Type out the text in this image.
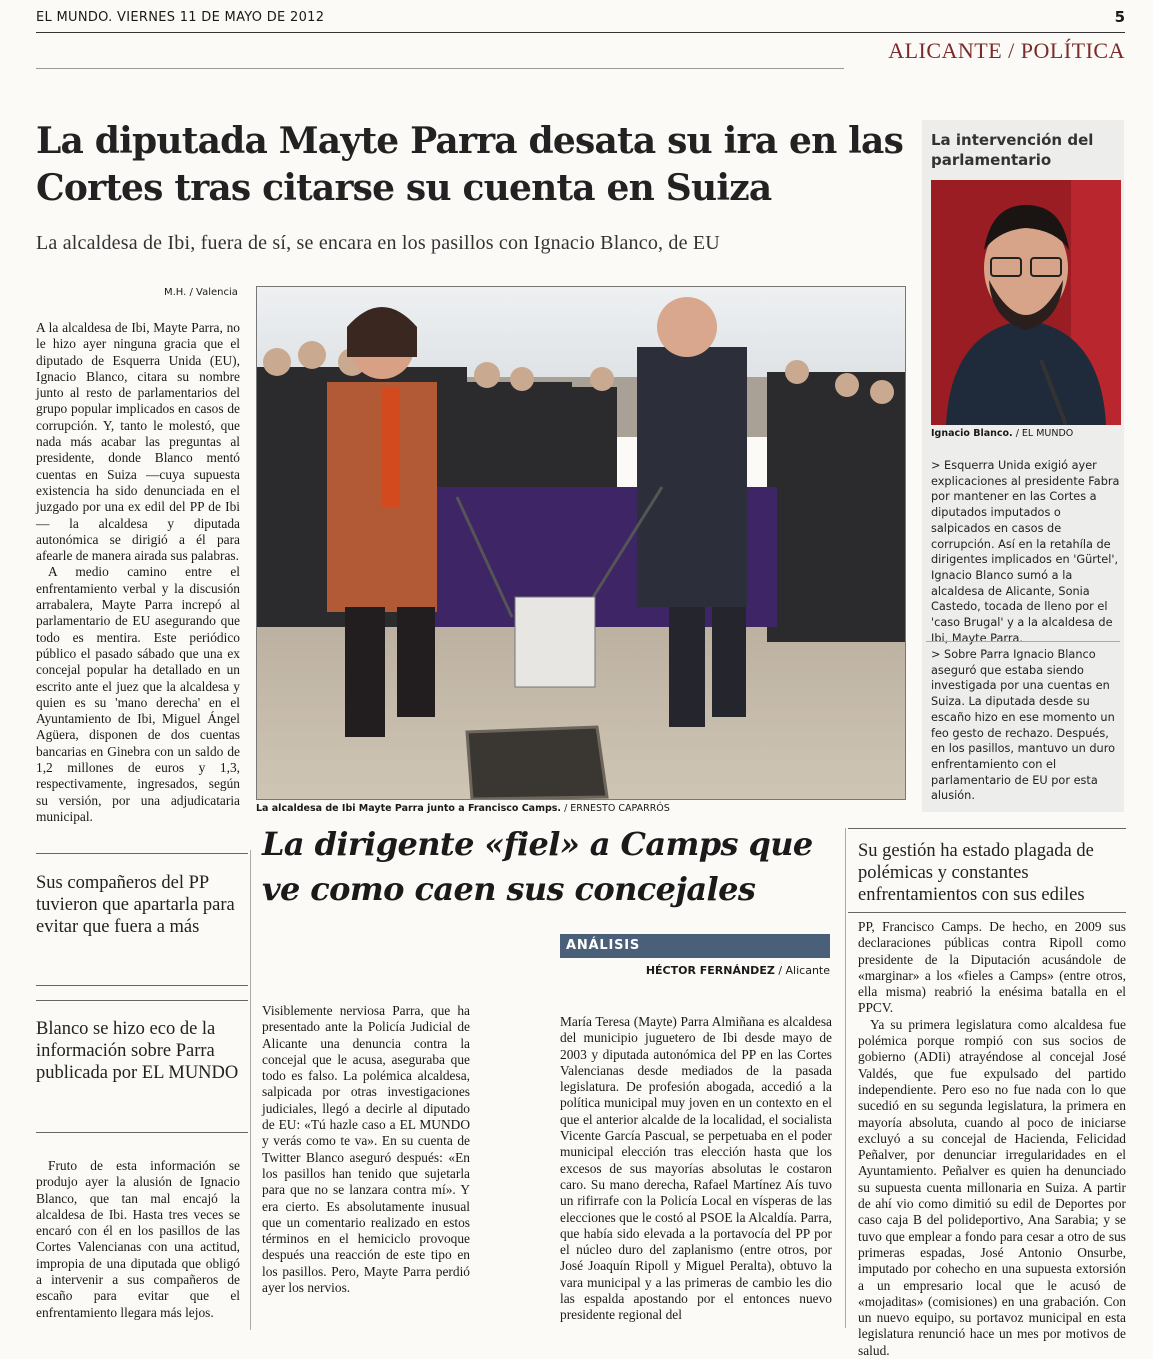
EL MUNDO. VIERNES 11 DE MAYO DE 2012	5
ALICANTE / POLÍTICA
La diputada Mayte Parra desata su ira en las Cortes tras citarse su cuenta en Suiza
La alcaldesa de Ibi, fuera de sí, se encara en los pasillos con Ignacio Blanco, de EU
M.H. / Valencia

A la alcaldesa de Ibi, Mayte Parra, no le hizo ayer ninguna gracia que el diputado de Esquerra Unida (EU), Ignacio Blanco, citara su nombre junto al resto de parlamentarios del grupo popular implicados en casos de corrupción. Y, tanto le molestó, que nada más acabar las preguntas al presidente, donde Blanco mentó cuentas en Suiza —cuya supuesta existencia ha sido denunciada en el juzgado por una ex edil del PP de Ibi— la alcaldesa y diputada autonómica se dirigió a él para afearle de manera airada sus palabras.

A medio camino entre el enfrentamiento verbal y la discusión arrabalera, Mayte Parra increpó al parlamentario de EU asegurando que todo es mentira. Este periódico público el pasado sábado que una ex concejal popular ha detallado en un escrito ante el juez que la alcaldesa y quien es su 'mano derecha' en el Ayuntamiento de Ibi, Miguel Ángel Agüera, disponen de dos cuentas bancarias en Ginebra con un saldo de 1,2 millones de euros y 1,3, respectivamente, ingresados, según su versión, por una adjudicataria municipal.

La alcaldesa de Ibi Mayte Parra junto a Francisco Camps. / ERNESTO CAPARRÓS
La intervención del parlamentario
Ignacio Blanco. / EL MUNDO
> Esquerra Unida exigió ayer explicaciones al presidente Fabra por mantener en las Cortes a diputados imputados o salpicados en casos de corrupción. Así en la retahíla de dirigentes implicados en 'Gürtel', Ignacio Blanco sumó a la alcaldesa de Alicante, Sonia Castedo, tocada de lleno por el 'caso Brugal' y a la alcaldesa de Ibi, Mayte Parra.
> Sobre Parra Ignacio Blanco aseguró que estaba siendo investigada por una cuentas en Suiza. La diputada desde su escaño hizo en ese momento un feo gesto de rechazo. Después, en los pasillos, mantuvo un duro enfrentamiento con el parlamentario de EU por esta alusión.
La dirigente «fiel» a Camps que ve como caen sus concejales
Sus compañeros del PP tuvieron que apartarla para evitar que fuera a más
Blanco se hizo eco de la información sobre Parra publicada por EL MUNDO

Fruto de esta información se produjo ayer la alusión de Ignacio Blanco, que tan mal encajó la alcaldesa de Ibi. Hasta tres veces se encaró con él en los pasillos de las Cortes Valencianas con una actitud, impropia de una diputada que obligó a intervenir a sus compañeros de escaño para evitar que el enfrentamiento llegara más lejos.

Visiblemente nerviosa Parra, que ha presentado ante la Policía Judicial de Alicante una denuncia contra la concejal que le acusa, aseguraba que todo es falso. La polémica alcaldesa, salpicada por otras investigaciones judiciales, llegó a decirle al diputado de EU: «Tú hazle caso a EL MUNDO y verás como te va». En su cuenta de Twitter Blanco aseguró después: «En los pasillos han tenido que sujetarla para que no se lanzara contra mí». Y era cierto. Es absolutamente inusual que un comentario realizado en estos términos en el hemiciclo provoque después una reacción de este tipo en los pasillos. Pero, Mayte Parra perdió ayer los nervios.

ANÁLISIS
HÉCTOR FERNÁNDEZ / Alicante

María Teresa (Mayte) Parra Almiñana es alcaldesa del municipio juguetero de Ibi desde mayo de 2003 y diputada autonómica del PP en las Cortes Valencianas desde mediados de la pasada legislatura. De profesión abogada, accedió a la política municipal muy joven en un contexto en el que el anterior alcalde de la localidad, el socialista Vicente García Pascual, se perpetuaba en el poder municipal elección tras elección hasta que los excesos de sus mayorías absolutas le costaron caro. Su mano derecha, Rafael Martínez Aís tuvo un rifirrafe con la Policía Local en vísperas de las elecciones que le costó al PSOE la Alcaldía. Parra, que había sido elevada a la portavocía del PP por el núcleo duro del zaplanismo (entre otros, por José Joaquín Ripoll y Miguel Peralta), obtuvo la vara municipal y a las primeras de cambio les dio las espalda apostando por el entonces nuevo presidente regional del

Su gestión ha estado plagada de polémicas y constantes enfrentamientos con sus ediles

PP, Francisco Camps. De hecho, en 2009 sus declaraciones públicas contra Ripoll como presidente de la Diputación acusándole de «marginar» a los «fieles a Camps» (entre otros, ella misma) reabrió la enésima batalla en el PPCV.

Ya su primera legislatura como alcaldesa fue polémica porque rompió con sus socios de gobierno (ADIi) atrayéndose al concejal José Valdés, que fue expulsado del partido independiente. Pero eso no fue nada con lo que sucedió en su segunda legislatura, la primera en mayoría absoluta, cuando al poco de iniciarse excluyó a su concejal de Hacienda, Felicidad Peñalver, por denunciar irregularidades en el Ayuntamiento. Peñalver es quien ha denunciado su supuesta cuenta millonaria en Suiza. A partir de ahí vio como dimitió su edil de Deportes por caso caja B del polideportivo, Ana Sarabia; y se tuvo que emplear a fondo para cesar a otro de sus primeras espadas, José Antonio Onsurbe, imputado por cohecho en una supuesta extorsión a un empresario local que le acusó de «mojaditas» (comisiones) en una grabación. Con un nuevo equipo, su portavoz municipal en esta legislatura renunció hace un mes por motivos de salud.
